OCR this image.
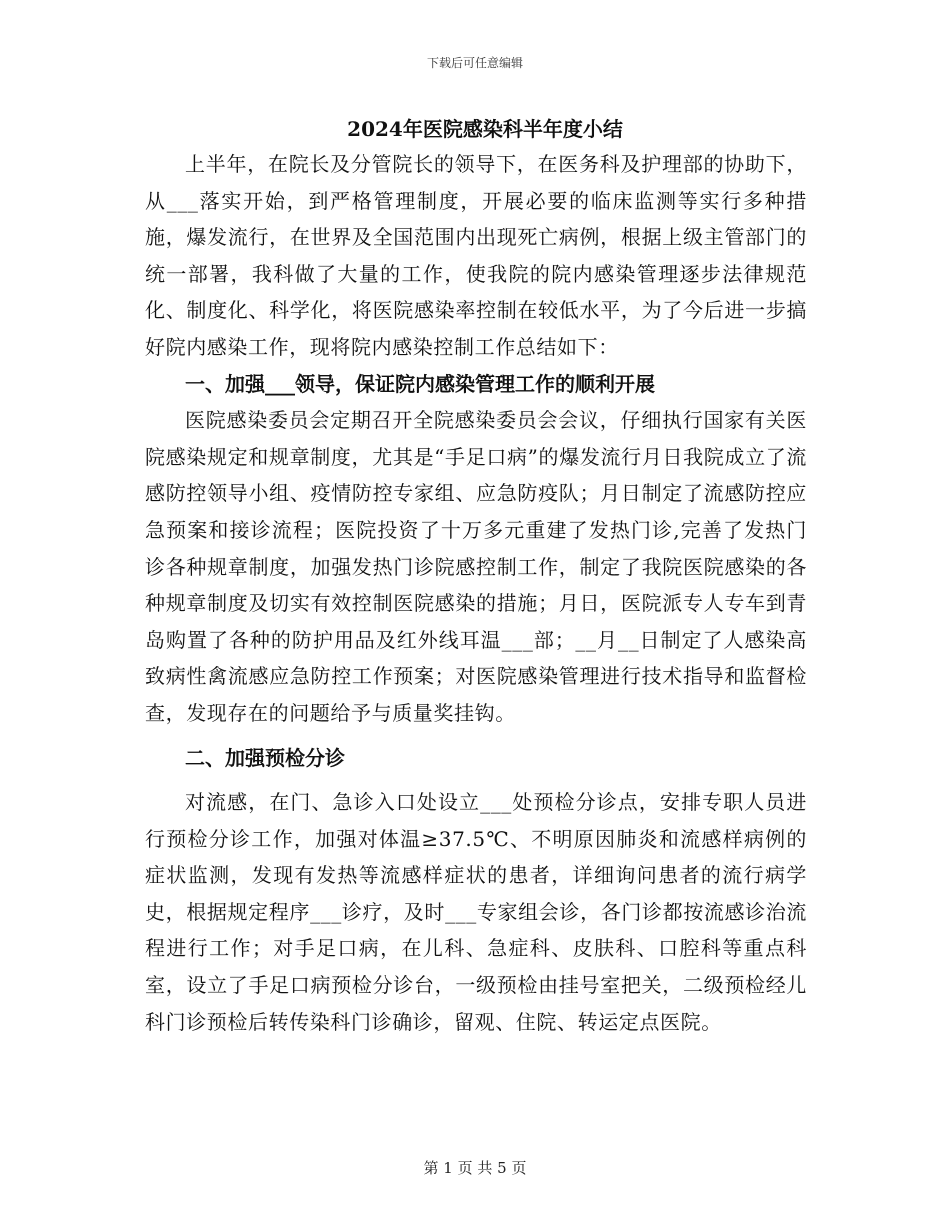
下载后可任意编辑
2024年医院感染科半年度小结

上半年，在院长及分管院长的领导下，在医务科及护理部的协助下，从___落实开始，到严格管理制度，开展必要的临床监测等实行多种措施，爆发流行，在世界及全国范围内出现死亡病例，根据上级主管部门的统一部署，我科做了大量的工作，使我院的院内感染管理逐步法律规范化、制度化、科学化，将医院感染率控制在较低水平，为了今后进一步搞好院内感染工作，现将院内感染控制工作总结如下：

一、加强___领导，保证院内感染管理工作的顺利开展

医院感染委员会定期召开全院感染委员会会议，仔细执行国家有关医院感染规定和规章制度，尤其是“手足口病”的爆发流行月日我院成立了流感防控领导小组、疫情防控专家组、应急防疫队；月日制定了流感防控应急预案和接诊流程；医院投资了十万多元重建了发热门诊,完善了发热门诊各种规章制度，加强发热门诊院感控制工作，制定了我院医院感染的各种规章制度及切实有效控制医院感染的措施；月日，医院派专人专车到青岛购置了各种的防护用品及红外线耳温___部；__月__日制定了人感染高致病性禽流感应急防控工作预案；对医院感染管理进行技术指导和监督检查，发现存在的问题给予与质量奖挂钩。

二、加强预检分诊

对流感，在门、急诊入口处设立___处预检分诊点，安排专职人员进行预检分诊工作，加强对体温≥37.5℃、不明原因肺炎和流感样病例的症状监测，发现有发热等流感样症状的患者，详细询问患者的流行病学史，根据规定程序___诊疗，及时___专家组会诊，各门诊都按流感诊治流程进行工作；对手足口病，在儿科、急症科、皮肤科、口腔科等重点科室，设立了手足口病预检分诊台，一级预检由挂号室把关，二级预检经儿科门诊预检后转传染科门诊确诊，留观、住院、转运定点医院。

第 1 页 共 5 页
